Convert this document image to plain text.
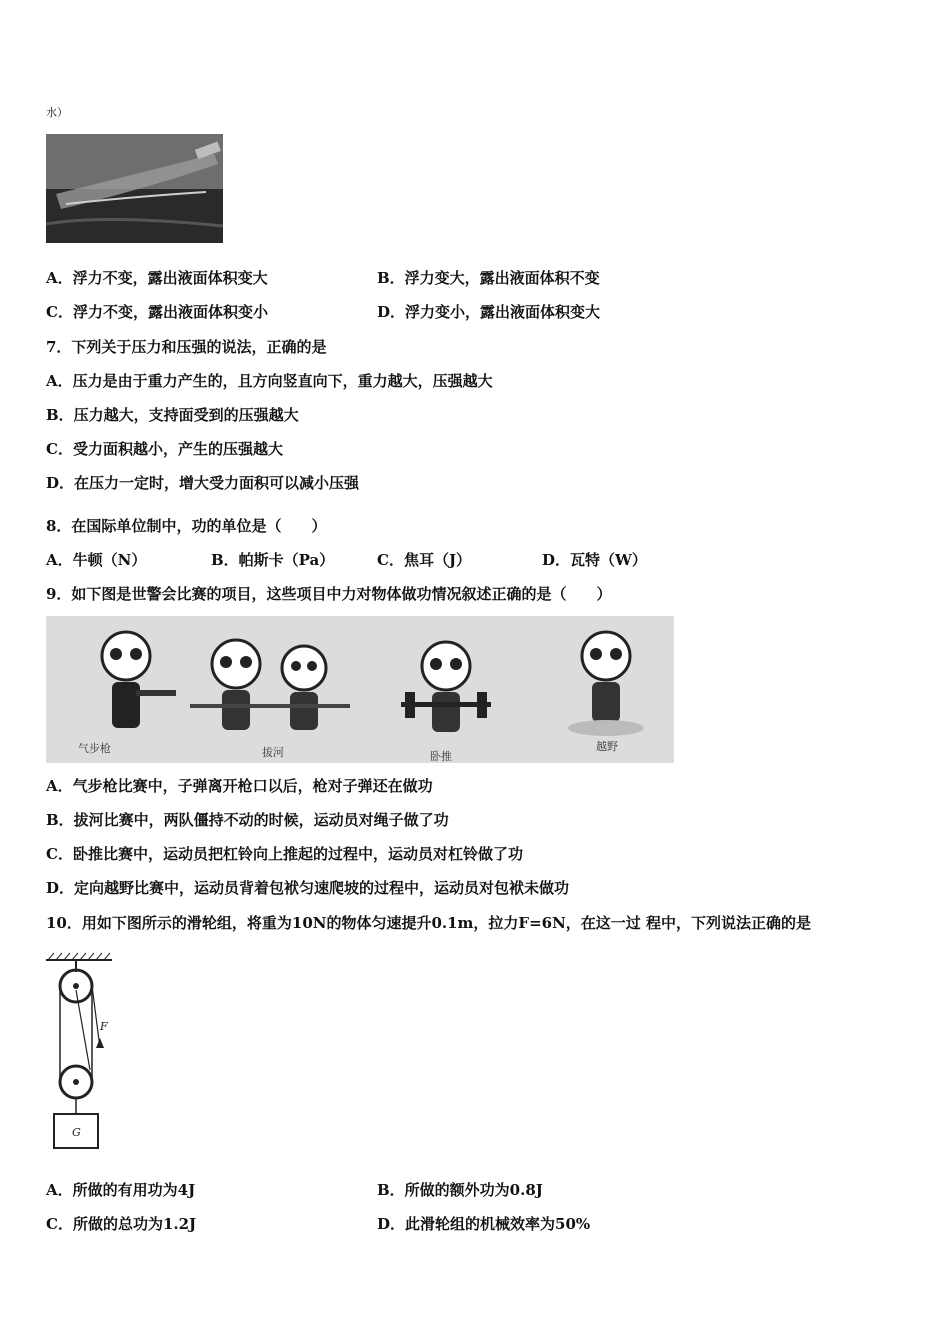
水）
A．浮力不变，露出液面体积变大	B．浮力变大，露出液面体积不变
C．浮力不变，露出液面体积变小	D．浮力变小，露出液面体积变大
7．下列关于压力和压强的说法，正确的是
A．压力是由于重力产生的，且方向竖直向下，重力越大，压强越大
B．压力越大，支持面受到的压强越大
C．受力面积越小，产生的压强越大
D．在压力一定时，增大受力面积可以减小压强
8．在国际单位制中，功的单位是（　　）
A．牛顿（N）	B．帕斯卡（Pa）	C．焦耳（J）	D．瓦特（W）
9．如下图是世警会比赛的项目，这些项目中力对物体做功情况叙述正确的是（　　）
气步枪	拔河	卧推
越野
A．气步枪比赛中，子弹离开枪口以后，枪对子弹还在做功
B．拔河比赛中，两队僵持不动的时候，运动员对绳子做了功
C．卧推比赛中，运动员把杠铃向上推起的过程中，运动员对杠铃做了功
D．定向越野比赛中，运动员背着包袱匀速爬坡的过程中，运动员对包袱未做功
10．用如下图所示的滑轮组，将重为10N的物体匀速提升0.1m，拉力F=6N，在这一过 程中，下列说法正确的是
F
G
A．所做的有用功为4J	B．所做的额外功为0.8J
C．所做的总功为1.2J	D．此滑轮组的机械效率为50%
